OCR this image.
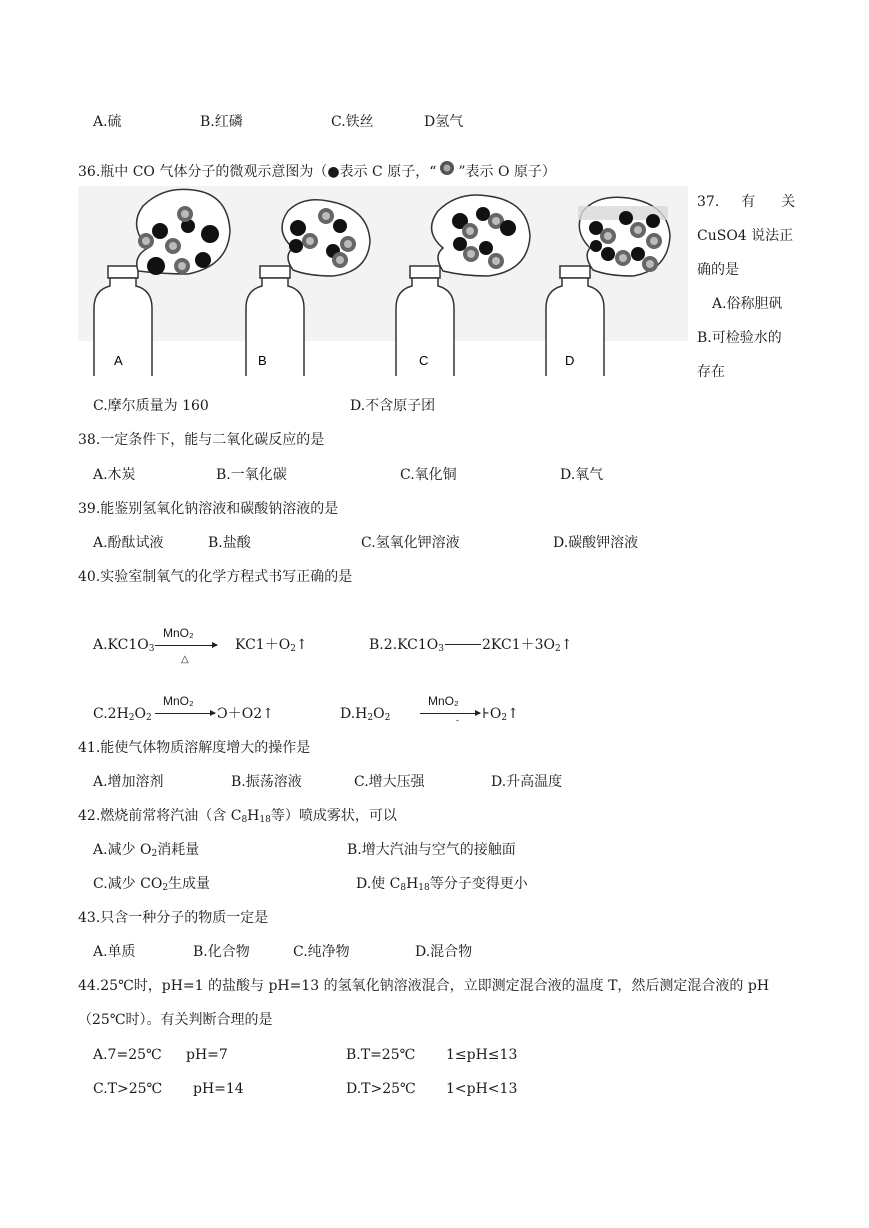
A.硫	B.红磷	C.铁丝	D氢气
36.瓶中 CO 气体分子的微观示意图为（●表示 C 原子，“ ”表示 O 原子）
A	B	C	D
37. 有 关
CuSO4 说法正
确的是
A.俗称胆矾
B.可检验水的
存在
C.摩尔质量为 160	D.不含原子团
38.一定条件下，能与二氧化碳反应的是
A.木炭	B.一氧化碳	C.氧化铜	D.氧气
39.能鉴别氢氧化钠溶液和碳酸钠溶液的是
A.酚酞试液	B.盐酸	C.氢氧化钾溶液	D.碳酸钾溶液
40.实验室制氧气的化学方程式书写正确的是
A.KC1O3
MnO₂
△
KC1＋O2↑	B.2.KC1O3	2KC1＋3O2↑
C.2H2O2
MnO₂
Ɔ＋O2↑	D.H2O2
MnO₂
- ⊦O2↑
41.能使气体物质溶解度增大的操作是
A.增加溶剂	B.振荡溶液	C.增大压强	D.升高温度
42.燃烧前常将汽油（含 C8H18等）喷成雾状，可以
A.减少 O2消耗量	B.增大汽油与空气的接触面
C.减少 CO2生成量	D.使 C8H18等分子变得更小
43.只含一种分子的物质一定是
A.单质	B.化合物	C.纯净物	D.混合物
44.25℃时，pH=1 的盐酸与 pH=13 的氢氧化钠溶液混合，立即测定混合液的温度 T，然后测定混合液的 pH
（25℃时）。有关判断合理的是
A.7=25℃ pH=7	B.T=25℃ 1≤pH≤13
C.T>25℃ pH=14	D.T>25℃ 1<pH<13
